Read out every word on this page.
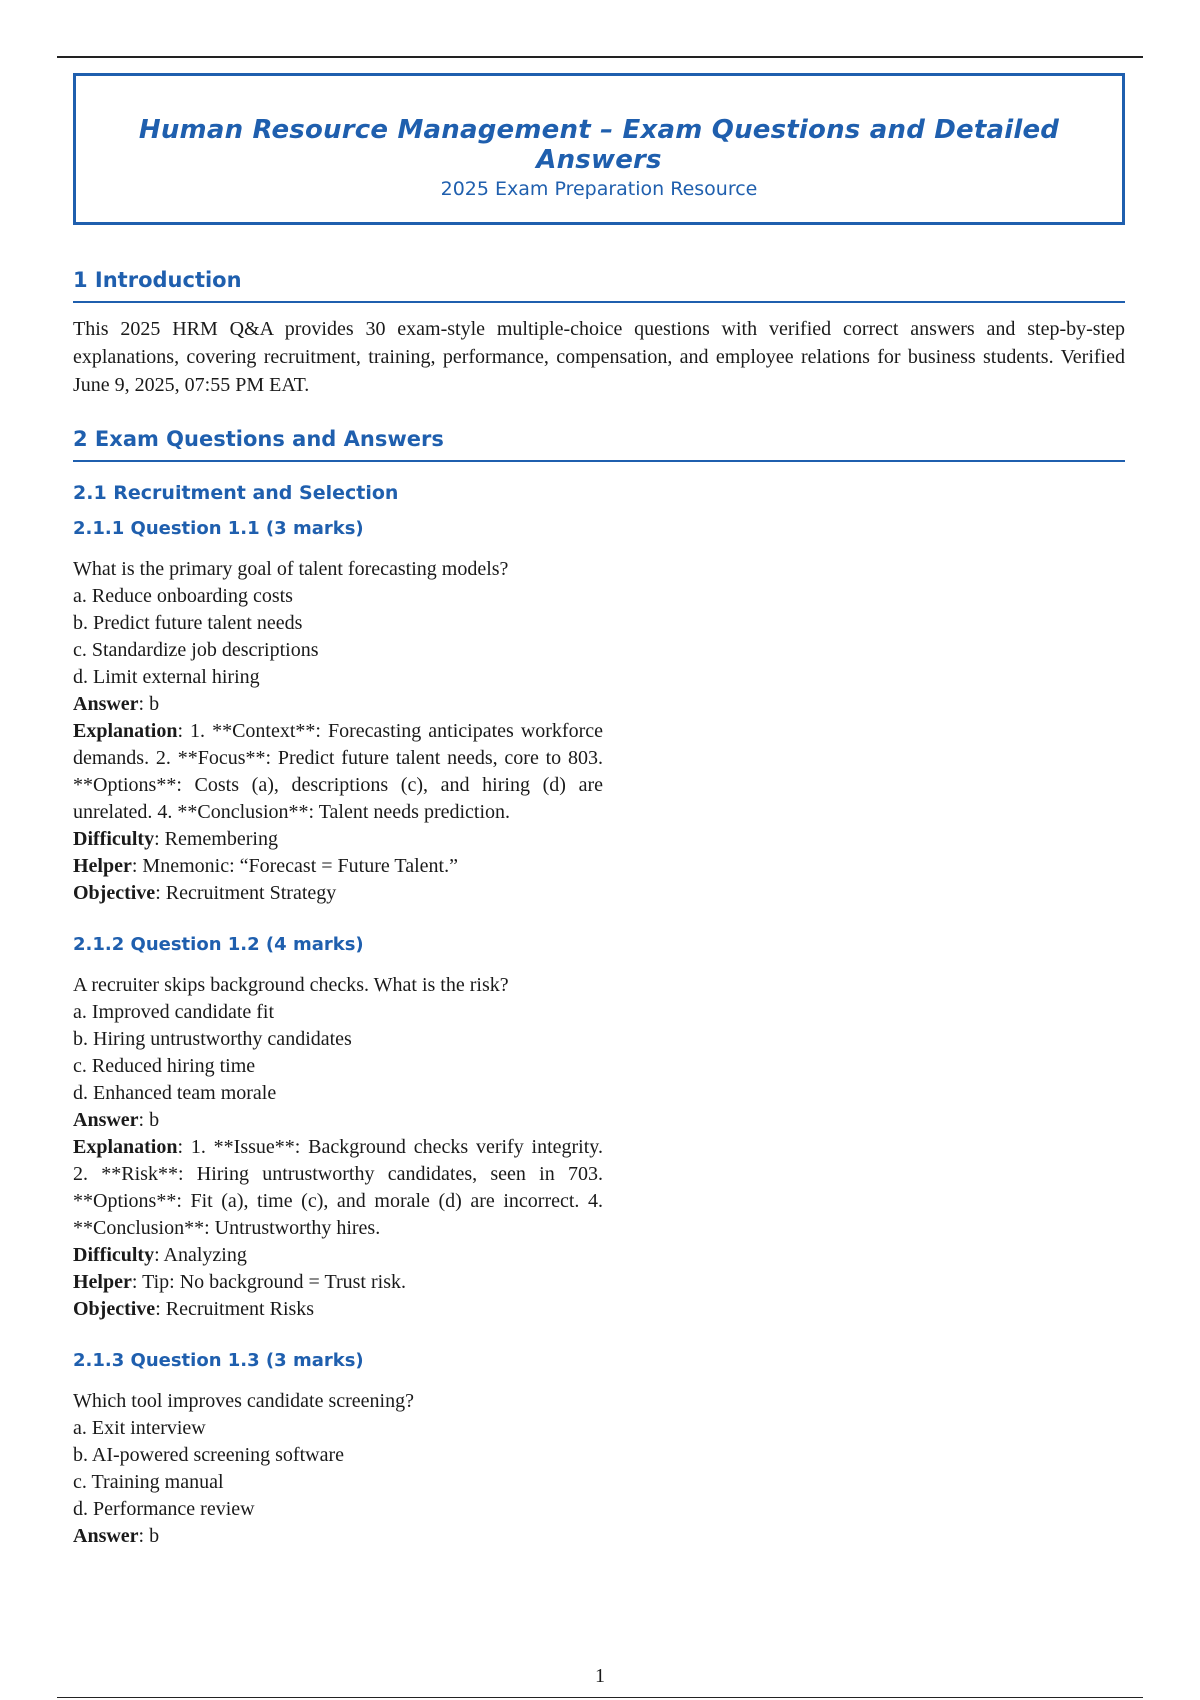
Human Resource Management – Exam Questions and Detailed Answers
2025 Exam Preparation Resource
1 Introduction
This 2025 HRM Q&A provides 30 exam-style multiple-choice questions with verified correct answers and step-by-step explanations, covering recruitment, training, performance, compensation, and employee relations for business students. Verified June 9, 2025, 07:55 PM EAT.
2 Exam Questions and Answers
2.1 Recruitment and Selection
2.1.1 Question 1.1 (3 marks)
What is the primary goal of talent forecasting models?
a. Reduce onboarding costs
b. Predict future talent needs
c. Standardize job descriptions
d. Limit external hiring
Answer: b
Explanation: 1. **Context**: Forecasting anticipates workforce demands. 2. **Focus**: Predict future talent needs, core to 803. **Options**: Costs (a), descriptions (c), and hiring (d) are unrelated. 4. **Conclusion**: Talent needs prediction.
Difficulty: Remembering
Helper: Mnemonic: “Forecast = Future Talent.”
Objective: Recruitment Strategy
2.1.2 Question 1.2 (4 marks)
A recruiter skips background checks. What is the risk?
a. Improved candidate fit
b. Hiring untrustworthy candidates
c. Reduced hiring time
d. Enhanced team morale
Answer: b
Explanation: 1. **Issue**: Background checks verify integrity. 2. **Risk**: Hiring untrustworthy candidates, seen in 703. **Options**: Fit (a), time (c), and morale (d) are incorrect. 4. **Conclusion**: Untrustworthy hires.
Difficulty: Analyzing
Helper: Tip: No background = Trust risk.
Objective: Recruitment Risks
2.1.3 Question 1.3 (3 marks)
Which tool improves candidate screening?
a. Exit interview
b. AI-powered screening software
c. Training manual
d. Performance review
Answer: b
1
